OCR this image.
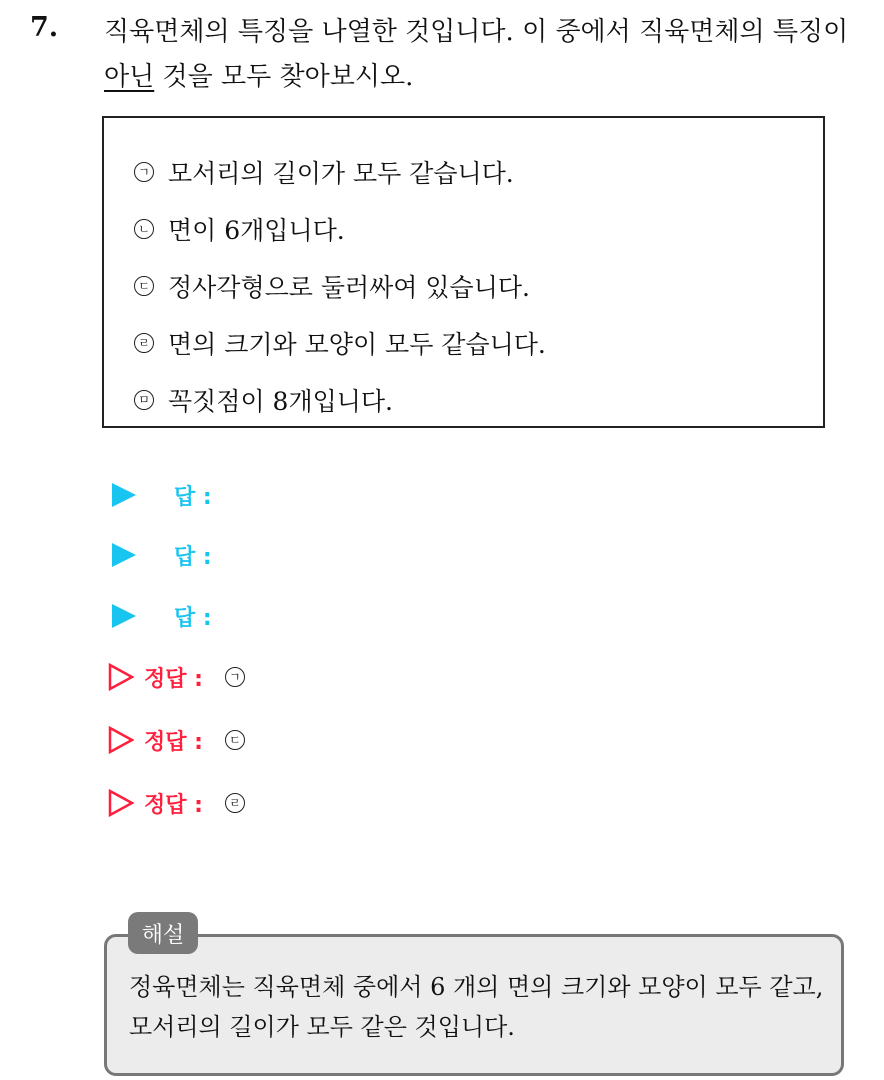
7. 직육면체의 특징을 나열한 것입니다. 이 중에서 직육면체의 특징이
아닌 것을 모두 찾아보시오.
ㄱ 모서리의 길이가 모두 같습니다.
ㄴ 면이 6개입니다.
ㄷ 정사각형으로 둘러싸여 있습니다.
ㄹ 면의 크기와 모양이 모두 같습니다.
ㅁ 꼭짓점이 8개입니다.
답 :
답 :
답 :
정답 :	ㄱ
정답 :	ㄷ
정답 :	ㄹ
정육면체는 직육면체 중에서 6 개의 면의 크기와 모양이 모두 같고, 모서리의 길이가 모두 같은 것입니다.
해설
